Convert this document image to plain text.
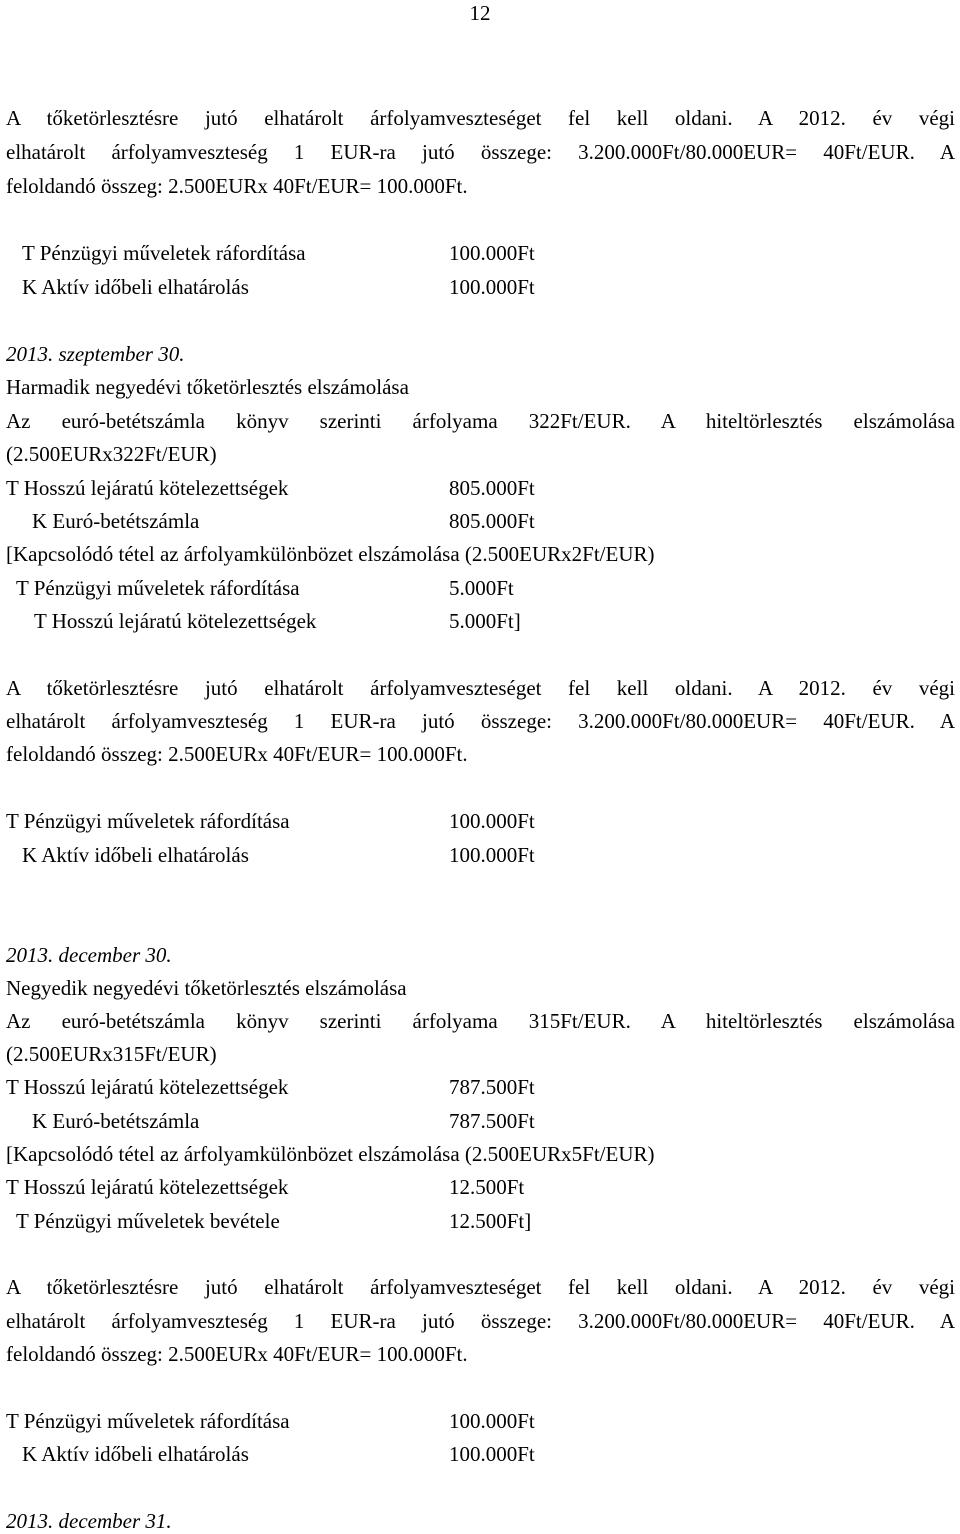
12
A tőketörlesztésre jutó elhatárolt árfolyamveszteséget fel kell oldani. A 2012. év végi
elhatárolt árfolyamveszteség 1 EUR-ra jutó összege: 3.200.000Ft/80.000EUR= 40Ft/EUR. A
feloldandó összeg: 2.500EURx 40Ft/EUR= 100.000Ft.
T Pénzügyi műveletek ráfordítása	100.000Ft
K Aktív időbeli elhatárolás	100.000Ft
2013. szeptember 30.
Harmadik negyedévi tőketörlesztés elszámolása
Az euró-betétszámla könyv szerinti árfolyama 322Ft/EUR. A hiteltörlesztés elszámolása
(2.500EURx322Ft/EUR)
T Hosszú lejáratú kötelezettségek	805.000Ft
K Euró-betétszámla	805.000Ft
[Kapcsolódó tétel az árfolyamkülönbözet elszámolása (2.500EURx2Ft/EUR)
T Pénzügyi műveletek ráfordítása	5.000Ft
T Hosszú lejáratú kötelezettségek	5.000Ft]
A tőketörlesztésre jutó elhatárolt árfolyamveszteséget fel kell oldani. A 2012. év végi
elhatárolt árfolyamveszteség 1 EUR-ra jutó összege: 3.200.000Ft/80.000EUR= 40Ft/EUR. A
feloldandó összeg: 2.500EURx 40Ft/EUR= 100.000Ft.
T Pénzügyi műveletek ráfordítása	100.000Ft
K Aktív időbeli elhatárolás	100.000Ft
2013. december 30.
Negyedik negyedévi tőketörlesztés elszámolása
Az euró-betétszámla könyv szerinti árfolyama 315Ft/EUR. A hiteltörlesztés elszámolása
(2.500EURx315Ft/EUR)
T Hosszú lejáratú kötelezettségek	787.500Ft
K Euró-betétszámla	787.500Ft
[Kapcsolódó tétel az árfolyamkülönbözet elszámolása (2.500EURx5Ft/EUR)
T Hosszú lejáratú kötelezettségek	12.500Ft
T Pénzügyi műveletek bevétele	12.500Ft]
A tőketörlesztésre jutó elhatárolt árfolyamveszteséget fel kell oldani. A 2012. év végi
elhatárolt árfolyamveszteség 1 EUR-ra jutó összege: 3.200.000Ft/80.000EUR= 40Ft/EUR. A
feloldandó összeg: 2.500EURx 40Ft/EUR= 100.000Ft.
T Pénzügyi műveletek ráfordítása	100.000Ft
K Aktív időbeli elhatárolás	100.000Ft
2013. december 31.
